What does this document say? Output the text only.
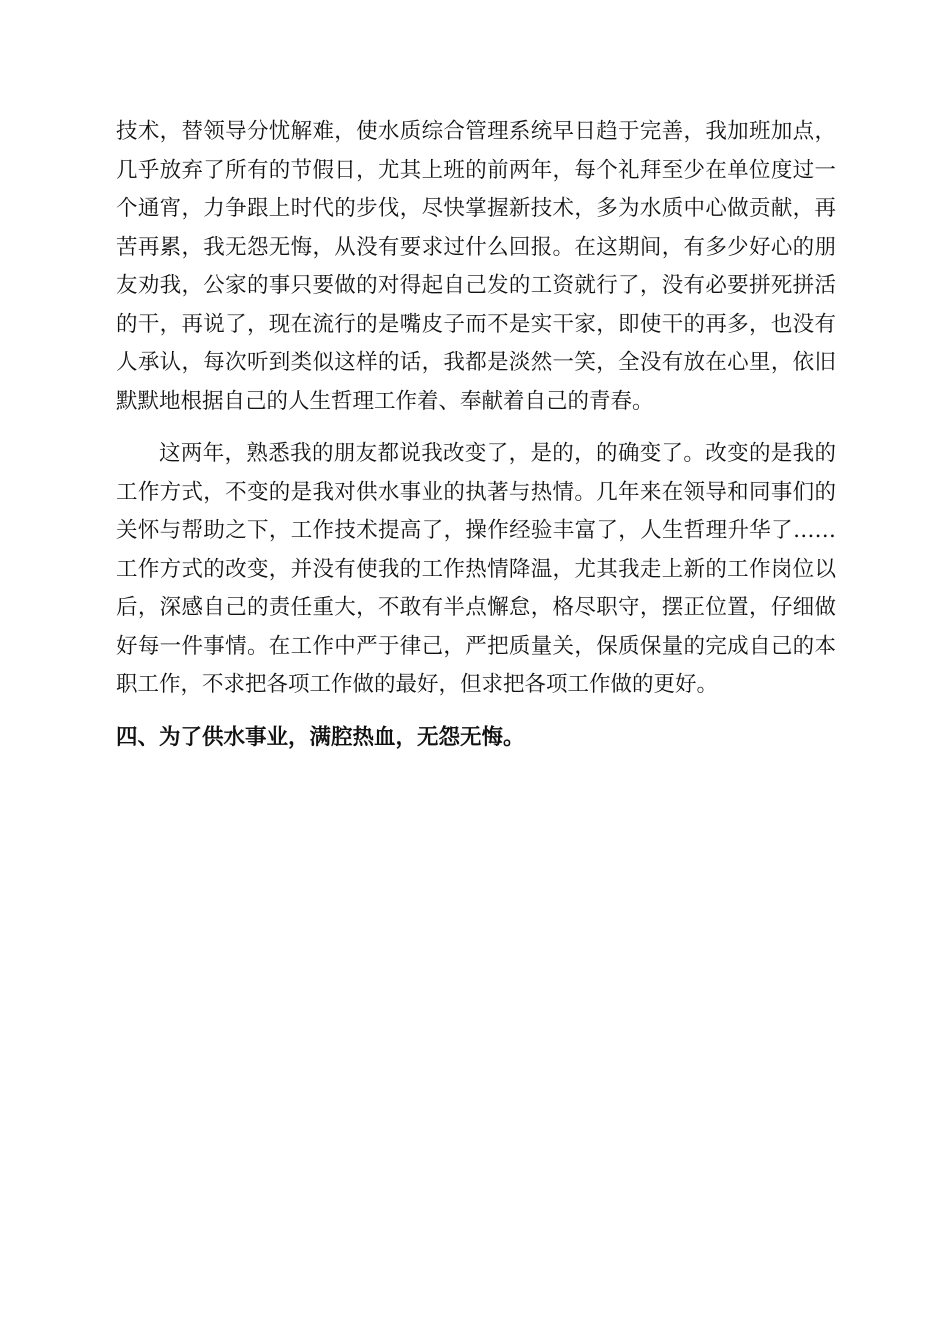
技术，替领导分忧解难，使水质综合管理系统早日趋于完善，我加班加点，几乎放弃了所有的节假日，尤其上班的前两年，每个礼拜至少在单位度过一个通宵，力争跟上时代的步伐，尽快掌握新技术，多为水质中心做贡献，再苦再累，我无怨无悔，从没有要求过什么回报。在这期间，有多少好心的朋友劝我，公家的事只要做的对得起自己发的工资就行了，没有必要拼死拼活的干，再说了，现在流行的是嘴皮子而不是实干家，即使干的再多，也没有人承认，每次听到类似这样的话，我都是淡然一笑，全没有放在心里，依旧默默地根据自己的人生哲理工作着、奉献着自己的青春。

这两年，熟悉我的朋友都说我改变了，是的，的确变了。改变的是我的工作方式，不变的是我对供水事业的执著与热情。几年来在领导和同事们的关怀与帮助之下，工作技术提高了，操作经验丰富了，人生哲理升华了……工作方式的改变，并没有使我的工作热情降温，尤其我走上新的工作岗位以后，深感自己的责任重大，不敢有半点懈怠，格尽职守，摆正位置，仔细做好每一件事情。在工作中严于律己，严把质量关，保质保量的完成自己的本职工作，不求把各项工作做的最好，但求把各项工作做的更好。

四、为了供水事业，满腔热血，无怨无悔。
